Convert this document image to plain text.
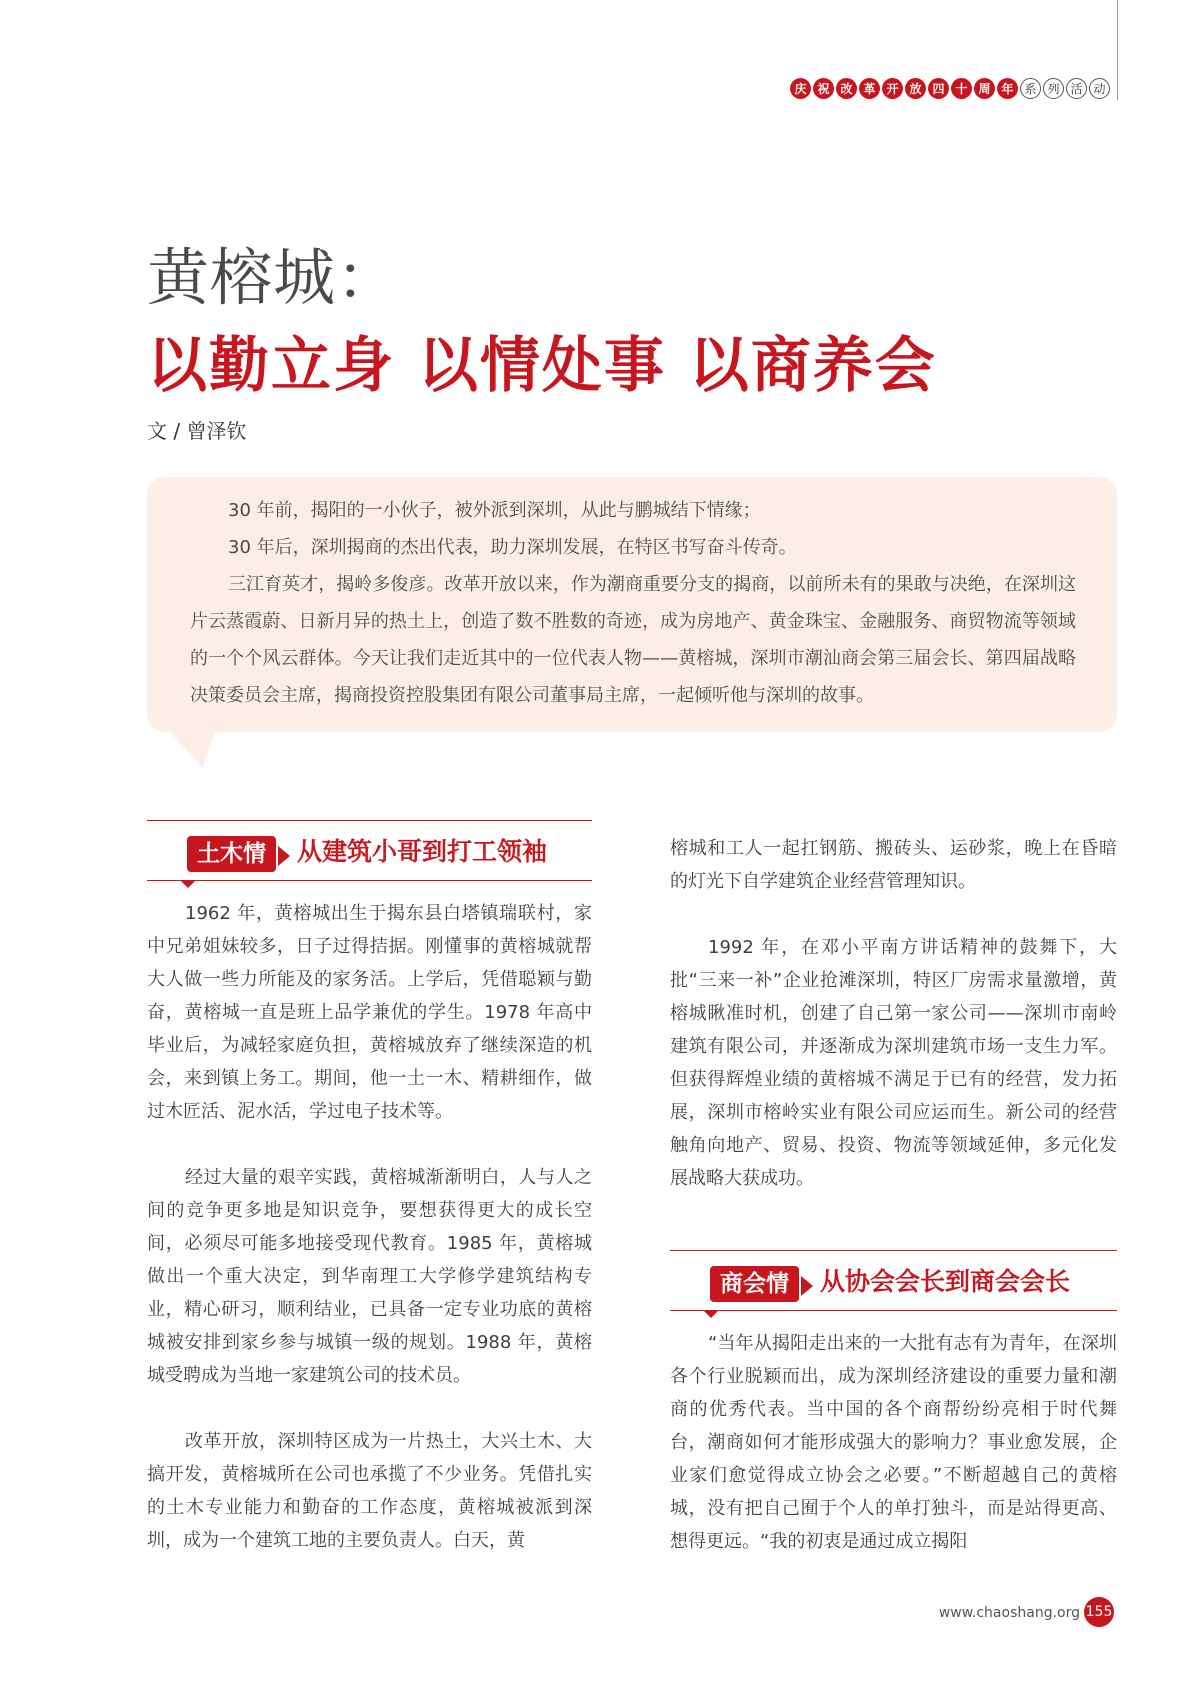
庆 祝 改 革 开 放 四 十 周 年 系 列 活 动
黄榕城：
以勤立身 以情处事 以商养会
文 / 曾泽钦

30 年前，揭阳的一小伙子，被外派到深圳，从此与鹏城结下情缘；

30 年后，深圳揭商的杰出代表，助力深圳发展，在特区书写奋斗传奇。

三江育英才，揭岭多俊彦。改革开放以来，作为潮商重要分支的揭商，以前所未有的果敢与决绝，在深圳这片云蒸霞蔚、日新月异的热土上，创造了数不胜数的奇迹，成为房地产、黄金珠宝、金融服务、商贸物流等领域的一个个风云群体。今天让我们走近其中的一位代表人物——黄榕城，深圳市潮汕商会第三届会长、第四届战略决策委员会主席，揭商投资控股集团有限公司董事局主席，一起倾听他与深圳的故事。

土木情	从建筑小哥到打工领袖

1962 年，黄榕城出生于揭东县白塔镇瑞联村，家中兄弟姐妹较多，日子过得拮据。刚懂事的黄榕城就帮大人做一些力所能及的家务活。上学后，凭借聪颖与勤奋，黄榕城一直是班上品学兼优的学生。1978 年高中毕业后，为减轻家庭负担，黄榕城放弃了继续深造的机会，来到镇上务工。期间，他一土一木、精耕细作，做过木匠活、泥水活，学过电子技术等。

经过大量的艰辛实践，黄榕城渐渐明白，人与人之间的竞争更多地是知识竞争，要想获得更大的成长空间，必须尽可能多地接受现代教育。1985 年，黄榕城做出一个重大决定，到华南理工大学修学建筑结构专业，精心研习，顺利结业，已具备一定专业功底的黄榕城被安排到家乡参与城镇一级的规划。1988 年，黄榕城受聘成为当地一家建筑公司的技术员。

改革开放，深圳特区成为一片热土，大兴土木、大搞开发，黄榕城所在公司也承揽了不少业务。凭借扎实的土木专业能力和勤奋的工作态度，黄榕城被派到深圳，成为一个建筑工地的主要负责人。白天，黄

榕城和工人一起扛钢筋、搬砖头、运砂浆，晚上在昏暗的灯光下自学建筑企业经营管理知识。

1992 年，在邓小平南方讲话精神的鼓舞下，大批“三来一补”企业抢滩深圳，特区厂房需求量激增，黄榕城瞅准时机，创建了自己第一家公司——深圳市南岭建筑有限公司，并逐渐成为深圳建筑市场一支生力军。但获得辉煌业绩的黄榕城不满足于已有的经营，发力拓展，深圳市榕岭实业有限公司应运而生。新公司的经营触角向地产、贸易、投资、物流等领域延伸，多元化发展战略大获成功。

商会情	从协会会长到商会会长

“当年从揭阳走出来的一大批有志有为青年，在深圳各个行业脱颖而出，成为深圳经济建设的重要力量和潮商的优秀代表。当中国的各个商帮纷纷亮相于时代舞台，潮商如何才能形成强大的影响力？事业愈发展，企业家们愈觉得成立协会之必要。”不断超越自己的黄榕城，没有把自己囿于个人的单打独斗，而是站得更高、想得更远。“我的初衷是通过成立揭阳

www.chaoshang.org 155
